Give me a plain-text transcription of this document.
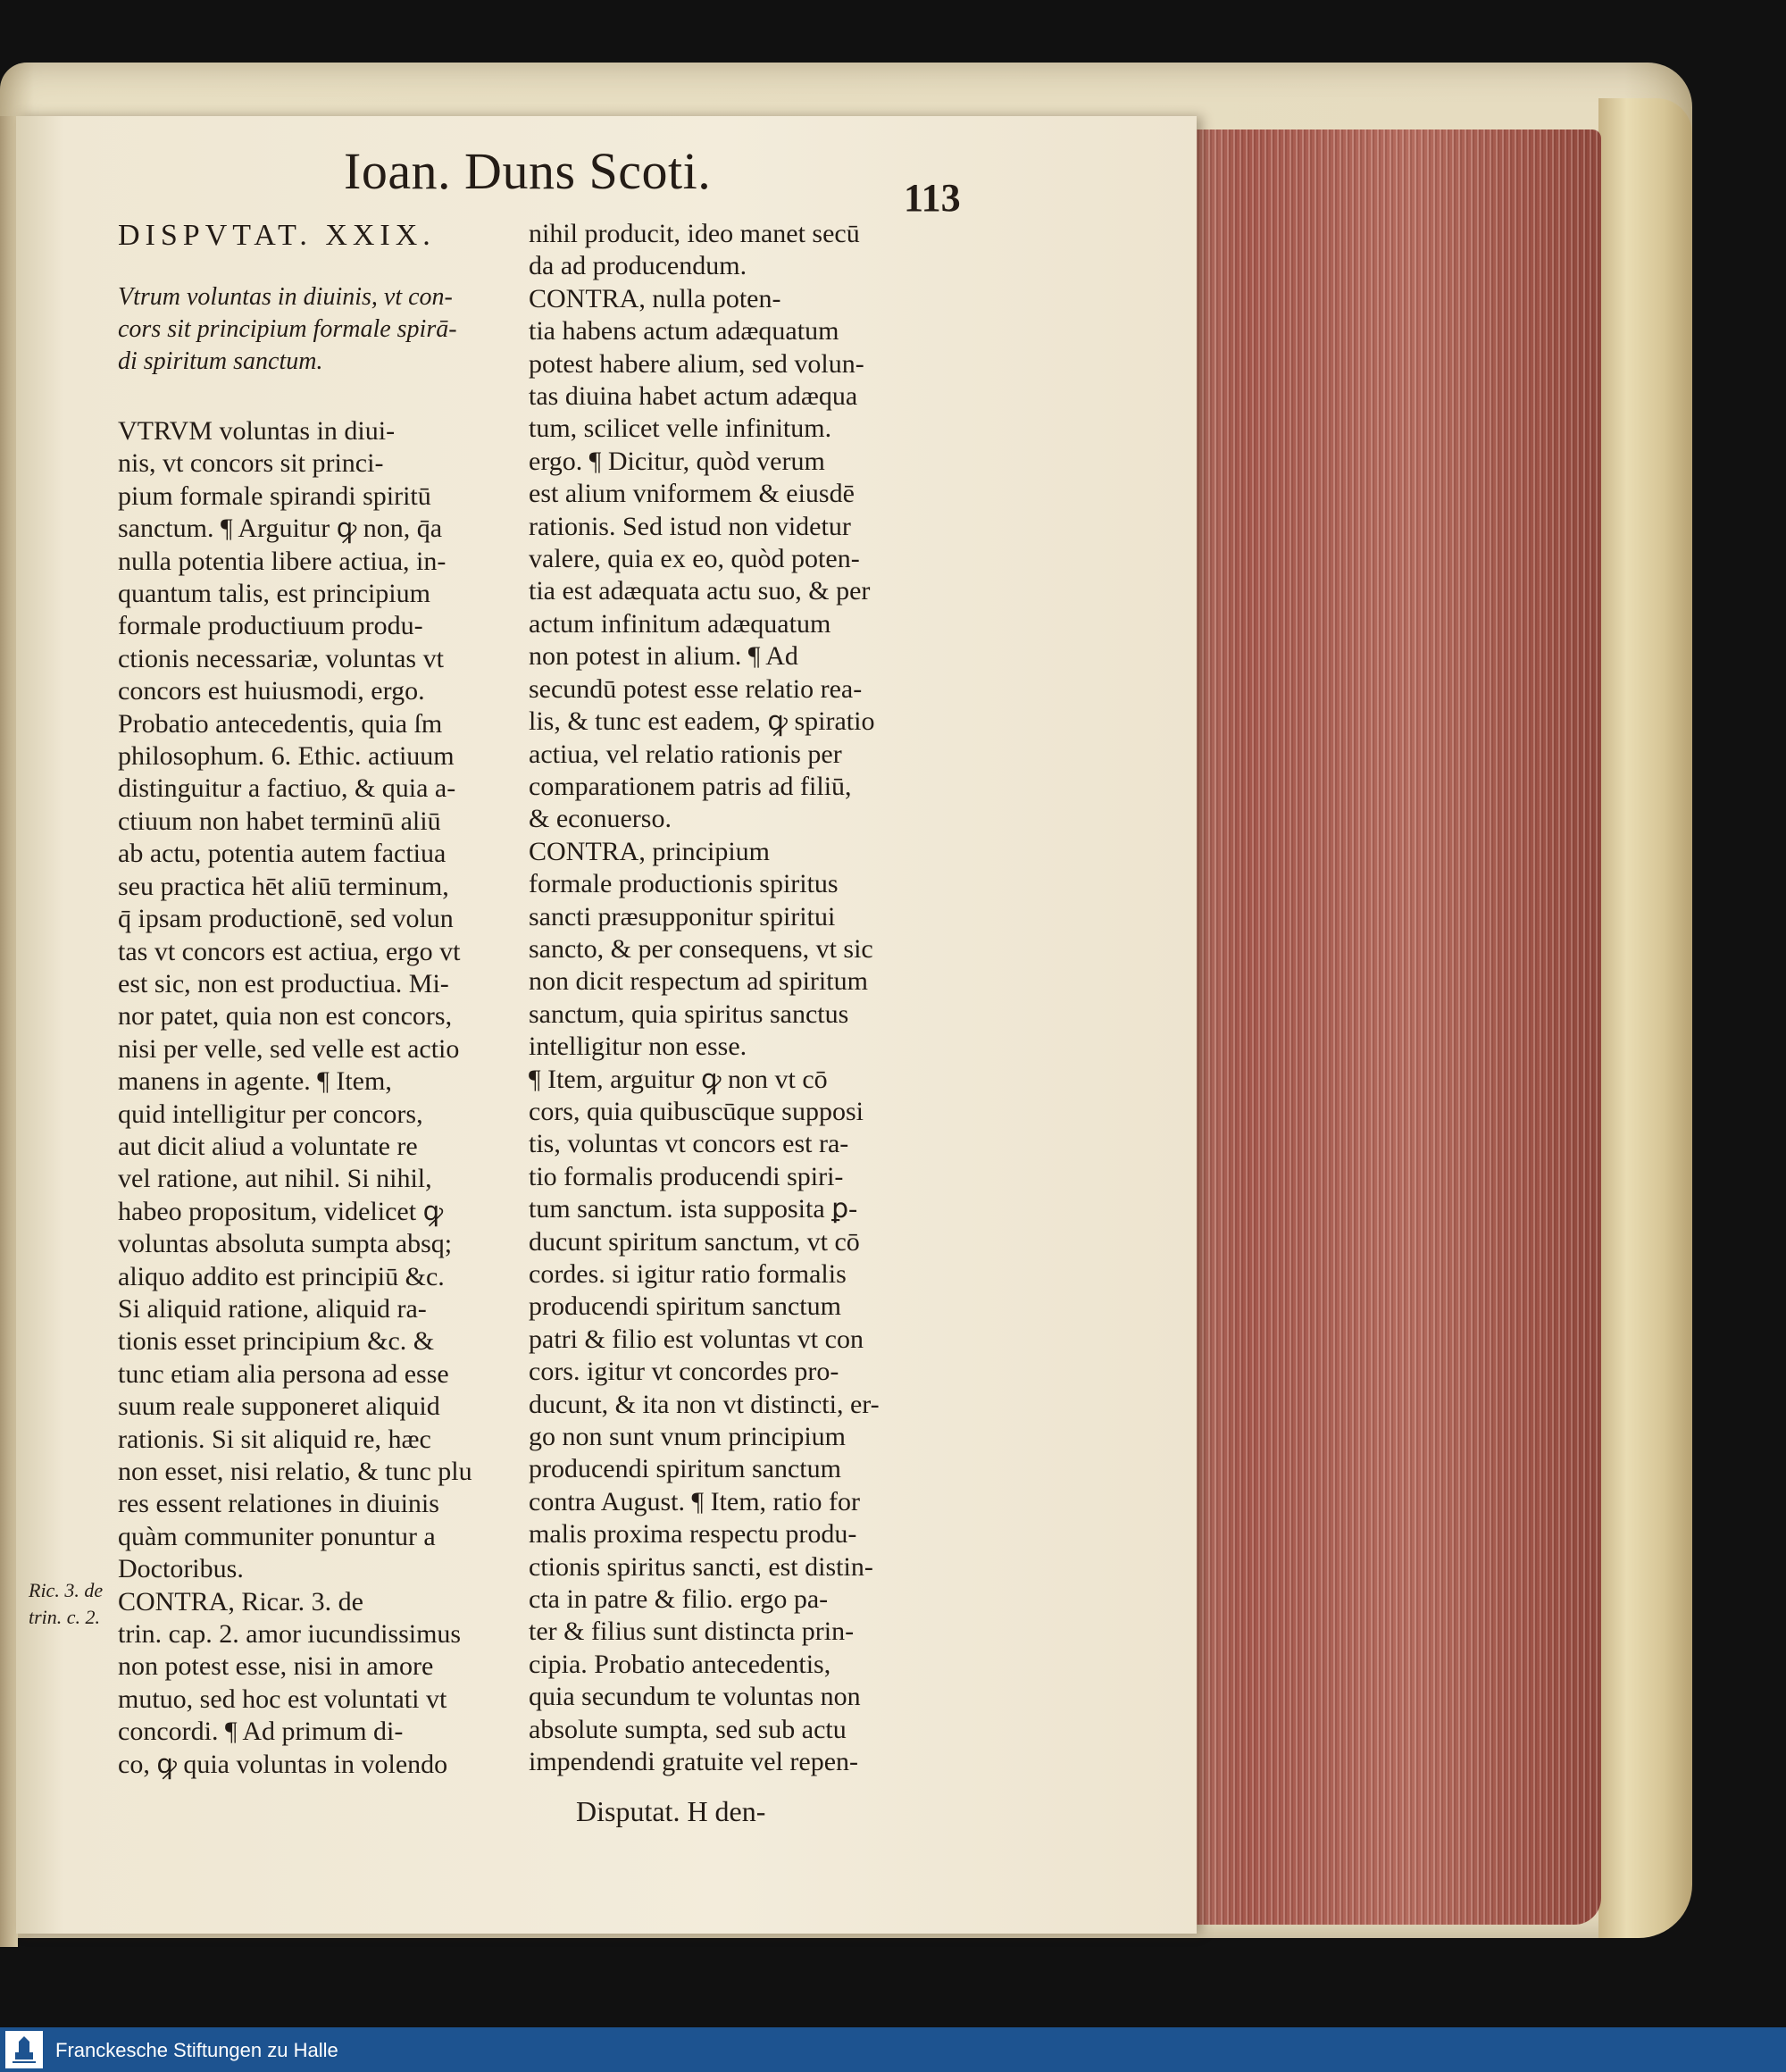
Ioan. Duns Scoti.	113

DISPVTAT. XXIX.

Vtrum voluntas in diuinis, vt con-
cors sit principium formale spirā-
di spiritum sanctum.
VTRVM voluntas in diui-
nis, vt concors sit princi-
pium formale spirandi spiritū
sanctum. ¶ Arguitur ꝙ non, q̄a
nulla potentia libere actiua, in-
quantum talis, est principium
formale productiuum produ-
ctionis necessariæ, voluntas vt
concors est huiusmodi, ergo.
Probatio antecedentis, quia ſm
philosophum. 6. Ethic. actiuum
distinguitur a factiuo, & quia a-
ctiuum non habet terminū aliū
ab actu, potentia autem factiua
seu practica hēt aliū terminum,
q̄ ipsam productionē, sed volun
tas vt concors est actiua, ergo vt
est sic, non est productiua. Mi-
nor patet, quia non est concors,
nisi per velle, sed velle est actio
manens in agente. ¶ Item,
quid intelligitur per concors,
aut dicit aliud a voluntate re
vel ratione, aut nihil. Si nihil,
habeo propositum, videlicet ꝙ
voluntas absoluta sumpta absq;
aliquo addito est principiū &c.
Si aliquid ratione, aliquid ra-
tionis esset principium &c. &
tunc etiam alia persona ad esse
suum reale supponeret aliquid
rationis. Si sit aliquid re, hæc
non esset, nisi relatio, & tunc plu
res essent relationes in diuinis
quàm communiter ponuntur a
Doctoribus.
CONTRA, Ricar. 3. de
trin. cap. 2. amor iucundissimus
non potest esse, nisi in amore
mutuo, sed hoc est voluntati vt
concordi. ¶ Ad primum di-
co, ꝙ quia voluntas in volendo
nihil producit, ideo manet secū
da ad producendum.
CONTRA, nulla poten-
tia habens actum adæquatum
potest habere alium, sed volun-
tas diuina habet actum adæqua
tum, scilicet velle infinitum.
ergo. ¶ Dicitur, quòd verum
est alium vniformem & eiusdē
rationis. Sed istud non videtur
valere, quia ex eo, quòd poten-
tia est adæquata actu suo, & per
actum infinitum adæquatum
non potest in alium. ¶ Ad
secundū potest esse relatio rea-
lis, & tunc est eadem, ꝙ spiratio
actiua, vel relatio rationis per
comparationem patris ad filiū,
& econuerso.
CONTRA, principium
formale productionis spiritus
sancti præsupponitur spiritui
sancto, & per consequens, vt sic
non dicit respectum ad spiritum
sanctum, quia spiritus sanctus
intelligitur non esse.
¶ Item, arguitur ꝙ non vt cō
cors, quia quibuscūque supposi
tis, voluntas vt concors est ra-
tio formalis producendi spiri-
tum sanctum. ista supposita ꝑ-
ducunt spiritum sanctum, vt cō
cordes. si igitur ratio formalis
producendi spiritum sanctum
patri & filio est voluntas vt con
cors. igitur vt concordes pro-
ducunt, & ita non vt distincti, er-
go non sunt vnum principium
producendi spiritum sanctum
contra August. ¶ Item, ratio for
malis proxima respectu produ-
ctionis spiritus sancti, est distin-
cta in patre & filio. ergo pa-
ter & filius sunt distincta prin-
cipia. Probatio antecedentis,
quia secundum te voluntas non
absolute sumpta, sed sub actu
impendendi gratuite vel repen-
Ric. 3. de
trin. c. 2.

Disputat. H den-

Franckesche Stiftungen zu Halle
